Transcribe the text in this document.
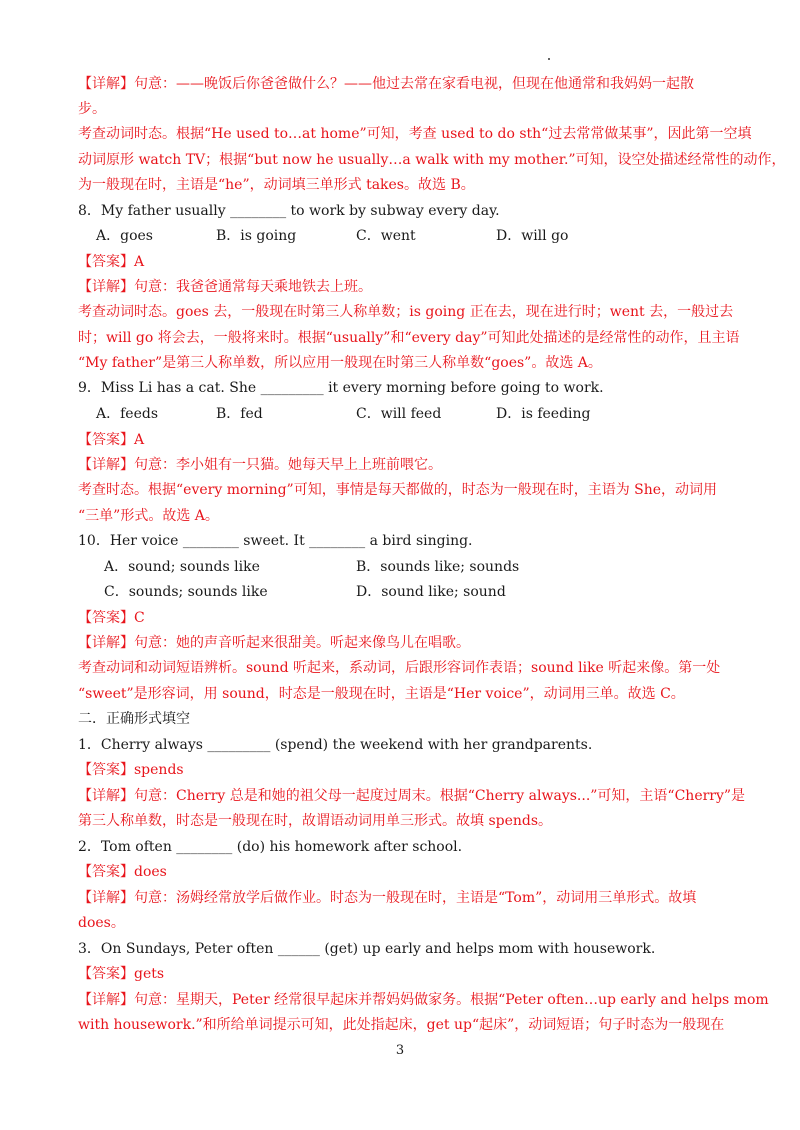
【详解】句意：——晚饭后你爸爸做什么？——他过去常在家看电视，但现在他通常和我妈妈一起散
步。
考查动词时态。根据“He used to…at home”可知，考查 used to do sth“过去常常做某事”，因此第一空填
动词原形 watch TV；根据“but now he usually…a walk with my mother.”可知，设空处描述经常性的动作，
为一般现在时，主语是“he”，动词填三单形式 takes。故选 B。
8．My father usually ________ to work by subway every day.
【答案】A
【详解】句意：我爸爸通常每天乘地铁去上班。
考查动词时态。goes 去，一般现在时第三人称单数；is going 正在去，现在进行时；went 去，一般过去
时；will go 将会去，一般将来时。根据“usually”和“every day”可知此处描述的是经常性的动作，且主语
“My father”是第三人称单数，所以应用一般现在时第三人称单数“goes”。故选 A。
9．Miss Li has a cat. She _________ it every morning before going to work.
【答案】A
【详解】句意：李小姐有一只猫。她每天早上上班前喂它。
考查时态。根据“every morning”可知，事情是每天都做的，时态为一般现在时，主语为 She，动词用
“三单”形式。故选 A。
10．Her voice ________ sweet. It ________ a bird singing.
【答案】C
【详解】句意：她的声音听起来很甜美。听起来像鸟儿在唱歌。
考查动词和动词短语辨析。sound 听起来，系动词，后跟形容词作表语；sound like 听起来像。第一处
“sweet”是形容词，用 sound，时态是一般现在时，主语是“Her voice”，动词用三单。故选 C。
二．正确形式填空
1．Cherry always _________ (spend) the weekend with her grandparents.
【答案】spends
【详解】句意：Cherry 总是和她的祖父母一起度过周末。根据“Cherry always...”可知，主语“Cherry”是
第三人称单数，时态是一般现在时，故谓语动词用单三形式。故填 spends。
2．Tom often ________ (do) his homework after school.
【答案】does
【详解】句意：汤姆经常放学后做作业。时态为一般现在时，主语是“Tom”，动词用三单形式。故填
does。
3．On Sundays, Peter often ______ (get) up early and helps mom with housework.
【答案】gets
【详解】句意：星期天，Peter 经常很早起床并帮妈妈做家务。根据“Peter often…up early and helps mom
with housework.”和所给单词提示可知，此处指起床，get up“起床”，动词短语；句子时态为一般现在
A．goes	B．is going	C．went	D．will go
A．feeds	B．fed	C．will feed	D．is feeding
A．sound; sounds like	B．sounds like; sounds
C．sounds; sounds like	D．sound like; sound
3
